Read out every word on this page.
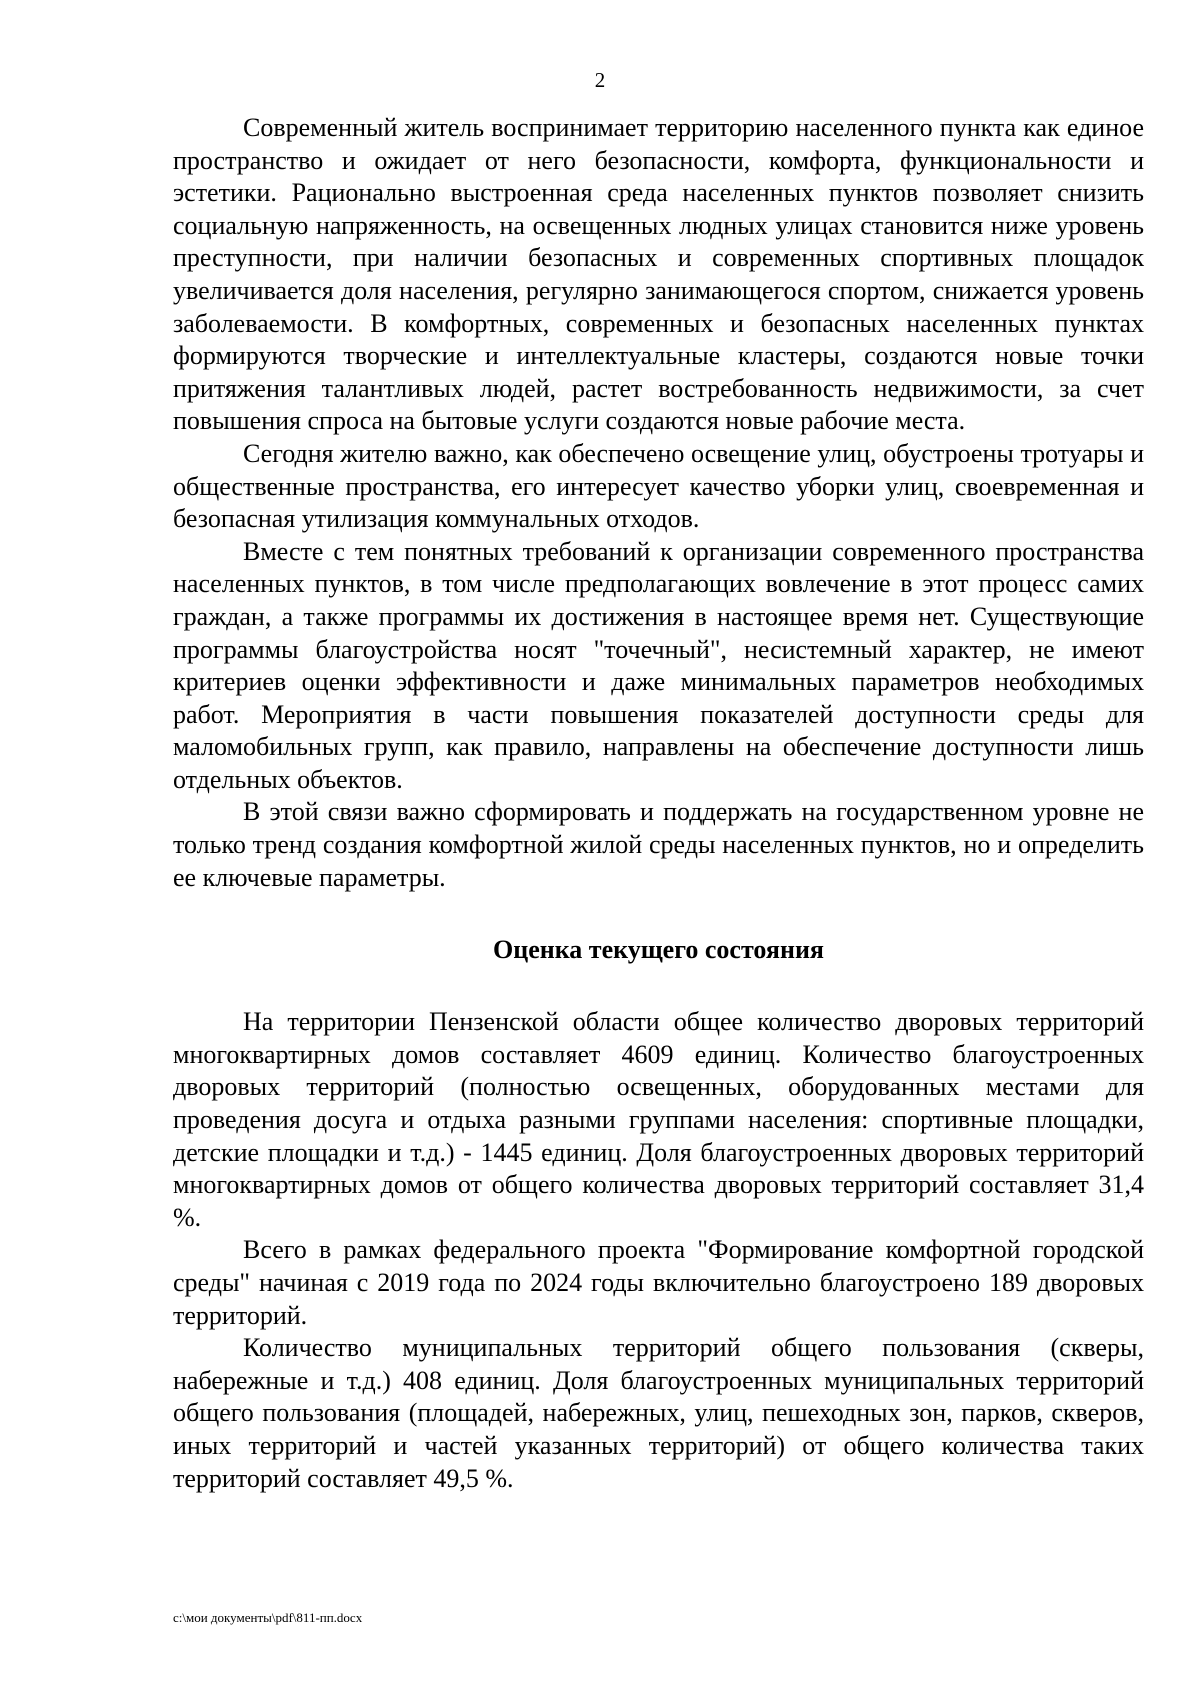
2

Современный житель воспринимает территорию населенного пункта как единое пространство и ожидает от него безопасности, комфорта, функциональности и эстетики. Рационально выстроенная среда населенных пунктов позволяет снизить социальную напряженность, на освещенных людных улицах становится ниже уровень преступности, при наличии безопасных и современных спортивных площадок увеличивается доля населения, регулярно занимающегося спортом, снижается уровень заболеваемости. В комфортных, современных и безопасных населенных пунктах формируются творческие и интеллектуальные кластеры, создаются новые точки притяжения талантливых людей, растет востребованность недвижимости, за счет повышения спроса на бытовые услуги создаются новые рабочие места.

Сегодня жителю важно, как обеспечено освещение улиц, обустроены тротуары и общественные пространства, его интересует качество уборки улиц, своевременная и безопасная утилизация коммунальных отходов.

Вместе с тем понятных требований к организации современного пространства населенных пунктов, в том числе предполагающих вовлечение в этот процесс самих граждан, а также программы их достижения в настоящее время нет. Существующие программы благоустройства носят "точечный", несистемный характер, не имеют критериев оценки эффективности и даже минимальных параметров необходимых работ. Мероприятия в части повышения показателей доступности среды для маломобильных групп, как правило, направлены на обеспечение доступности лишь отдельных объектов.

В этой связи важно сформировать и поддержать на государственном уровне не только тренд создания комфортной жилой среды населенных пунктов, но и определить ее ключевые параметры.

Оценка текущего состояния

На территории Пензенской области общее количество дворовых территорий многоквартирных домов составляет 4609 единиц. Количество благоустроенных дворовых территорий (полностью освещенных, оборудованных местами для проведения досуга и отдыха разными группами населения: спортивные площадки, детские площадки и т.д.) - 1445 единиц. Доля благоустроенных дворовых территорий многоквартирных домов от общего количества дворовых территорий составляет 31,4 %.

Всего в рамках федерального проекта "Формирование комфортной городской среды" начиная с 2019 года по 2024 годы включительно благоустроено 189 дворовых территорий.

Количество муниципальных территорий общего пользования (скверы, набережные и т.д.) 408 единиц. Доля благоустроенных муниципальных территорий общего пользования (площадей, набережных, улиц, пешеходных зон, парков, скверов, иных территорий и частей указанных территорий) от общего количества таких территорий составляет 49,5 %.

c:\мои документы\pdf\811-пп.docx
